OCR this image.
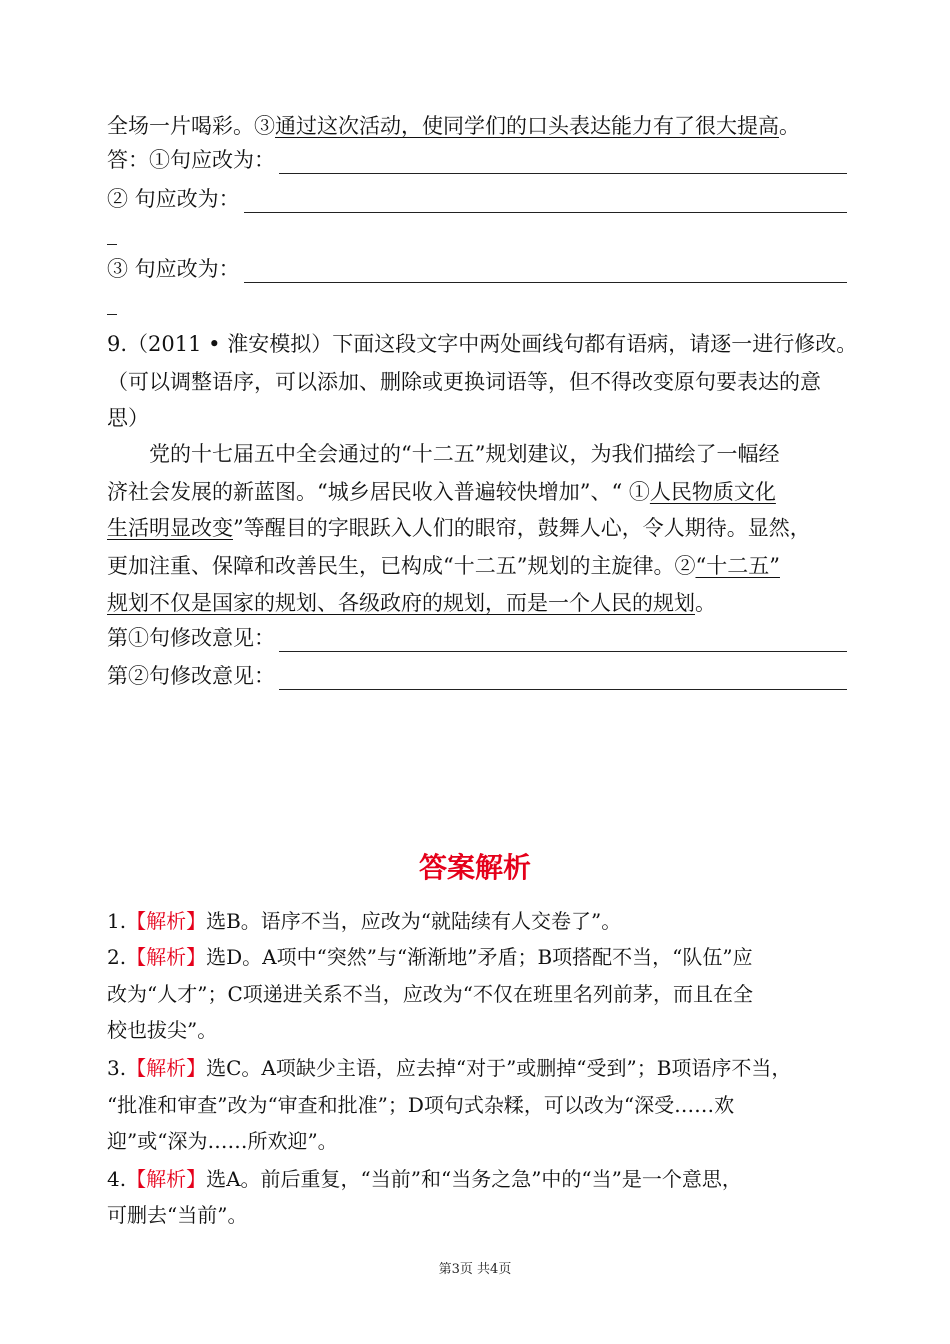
全场一片喝彩。③通过这次活动，使同学们的口头表达能力有了很大提高。
答：①句应改为：
② 句应改为：
③ 句应改为：
9.（2011 • 淮安模拟）下面这段文字中两处画线句都有语病，请逐一进行修改。
（可以调整语序，可以添加、删除或更换词语等，但不得改变原句要表达的意
思）
党的十七届五中全会通过的“十二五”规划建议，为我们描绘了一幅经
济社会发展的新蓝图。“城乡居民收入普遍较快增加”、“ ①人民物质文化
生活明显改变”等醒目的字眼跃入人们的眼帘，鼓舞人心，令人期待。显然，
更加注重、保障和改善民生，已构成“十二五”规划的主旋律。②“十二五”
规划不仅是国家的规划、各级政府的规划，而是一个人民的规划。
第①句修改意见：
第②句修改意见：
答案解析
1.【解析】选B。语序不当，应改为“就陆续有人交卷了”。
2.【解析】选D。A项中“突然”与“渐渐地”矛盾；B项搭配不当，“队伍”应
改为“人才”；C项递进关系不当，应改为“不仅在班里名列前茅，而且在全
校也拔尖”。
3.【解析】选C。A项缺少主语，应去掉“对于”或删掉“受到”；B项语序不当，
“批准和审查”改为“审查和批准”；D项句式杂糅，可以改为“深受……欢
迎”或“深为……所欢迎”。
4.【解析】选A。前后重复，“当前”和“当务之急”中的“当”是一个意思，
可删去“当前”。
第3页 共4页
